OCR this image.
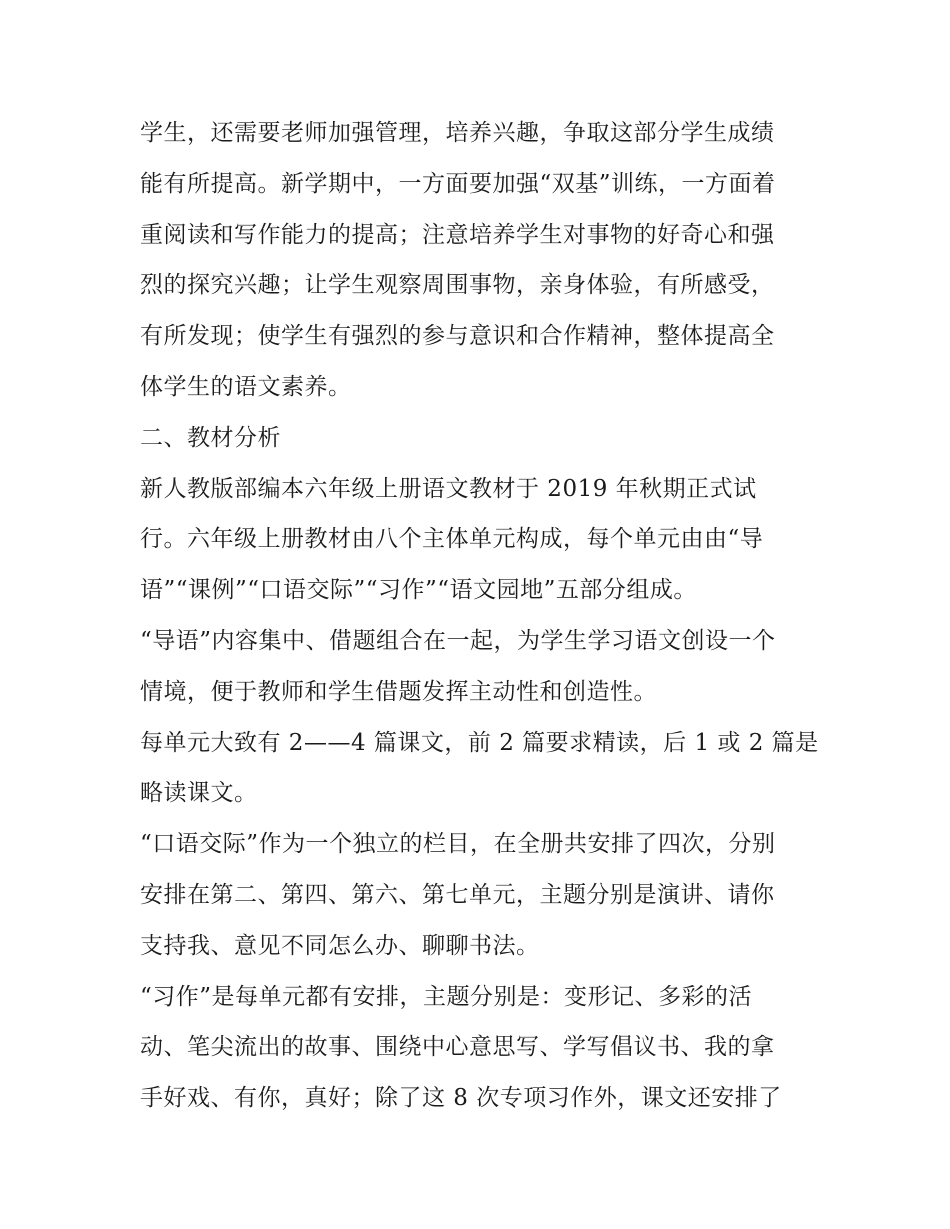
学生，还需要老师加强管理，培养兴趣，争取这部分学生成绩
能有所提高。新学期中，一方面要加强“双基”训练，一方面着
重阅读和写作能力的提高；注意培养学生对事物的好奇心和强
烈的探究兴趣；让学生观察周围事物，亲身体验，有所感受，
有所发现；使学生有强烈的参与意识和合作精神，整体提高全
体学生的语文素养。
二、教材分析
新人教版部编本六年级上册语文教材于 2019 年秋期正式试
行。六年级上册教材由八个主体单元构成，每个单元由由“导
语”“课例”“口语交际”“习作”“语文园地”五部分组成。
“导语”内容集中、借题组合在一起，为学生学习语文创设一个
情境，便于教师和学生借题发挥主动性和创造性。
每单元大致有 2——4 篇课文，前 2 篇要求精读，后 1 或 2 篇是
略读课文。
“口语交际”作为一个独立的栏目，在全册共安排了四次，分别
安排在第二、第四、第六、第七单元，主题分别是演讲、请你
支持我、意见不同怎么办、聊聊书法。
“习作”是每单元都有安排，主题分别是：变形记、多彩的活
动、笔尖流出的故事、围绕中心意思写、学写倡议书、我的拿
手好戏、有你，真好；除了这 8 次专项习作外，课文还安排了
